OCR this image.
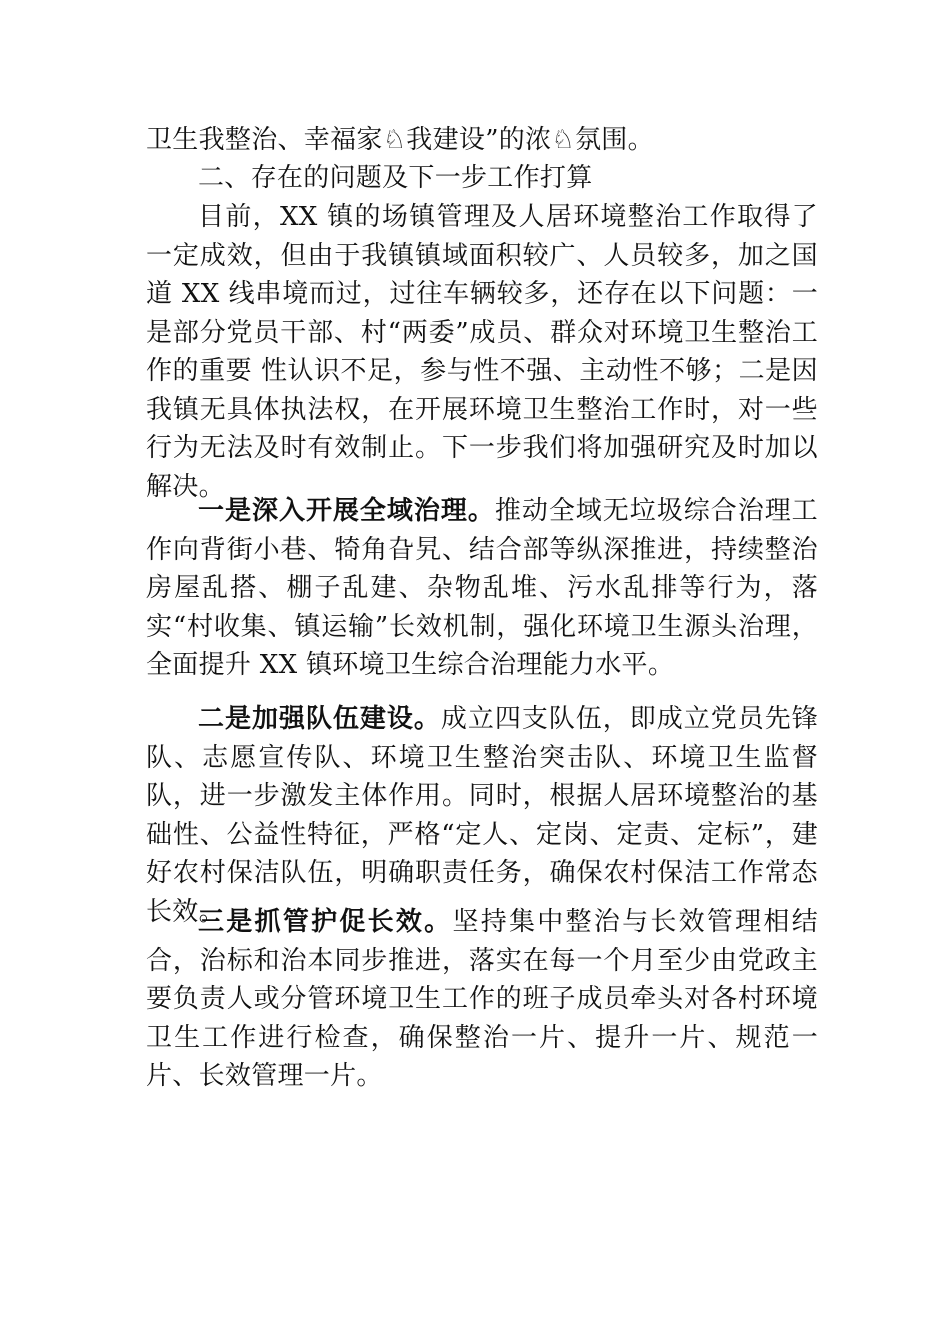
卫生我整治、幸福家♘我建设”的浓♘氛围。

二、存在的问题及下一步工作打算

目前，XX 镇的场镇管理及人居环境整治工作取得了一定成效，但由于我镇镇域面积较广、人员较多，加之国道 XX 线串境而过，过往车辆较多，还存在以下问题：一是部分党员干部、村“两委”成员、群众对环境卫生整治工作的重要 性认识不足，参与性不强、主动性不够；二是因我镇无具体执法权，在开展环境卫生整治工作时，对一些行为无法及时有效制止。下一步我们将加强研究及时加以解决。

一是深入开展全域治理。推动全域无垃圾综合治理工作向背街小巷、犄角旮旯、结合部等纵深推进，持续整治房屋乱搭、棚子乱建、杂物乱堆、污水乱排等行为，落实“村收集、镇运输”长效机制，强化环境卫生源头治理，全面提升 XX 镇环境卫生综合治理能力水平。

二是加强队伍建设。成立四支队伍，即成立党员先锋队、志愿宣传队、环境卫生整治突击队、环境卫生监督队，进一步激发主体作用。同时，根据人居环境整治的基础性、公益性特征，严格“定人、定岗、定责、定标”，建好农村保洁队伍，明确职责任务，确保农村保洁工作常态长效。

三是抓管护促长效。坚持集中整治与长效管理相结合，治标和治本同步推进，落实在每一个月至少由党政主要负责人或分管环境卫生工作的班子成员牵头对各村环境卫生工作进行检查，确保整治一片、提升一片、规范一片、长效管理一片。
